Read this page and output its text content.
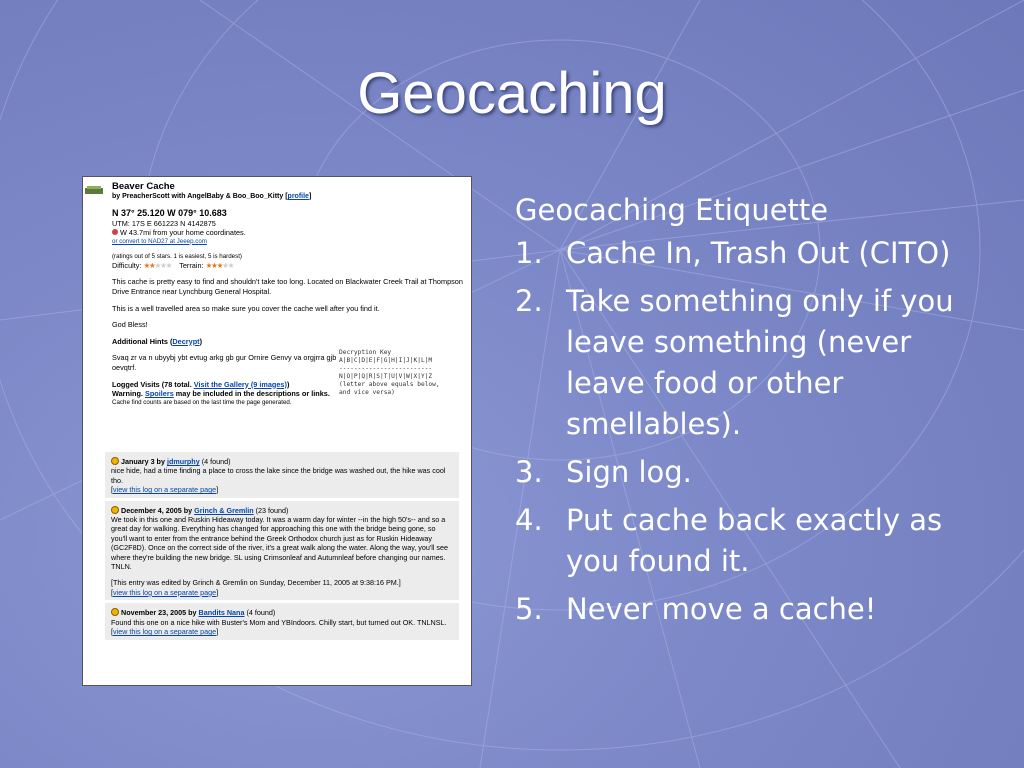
Geocaching
Beaver Cache
by PreacherScott with AngelBaby & Boo_Boo_Kitty [profile]
N 37° 25.120 W 079° 10.683
UTM: 17S E 661223 N 4142875
W 43.7mi from your home coordinates.
or convert to NAD27 at Jeeep.com
(ratings out of 5 stars. 1 is easiest, 5 is hardest)
Difficulty: ★★★★★ Terrain: ★★★★★
This cache is pretty easy to find and shouldn't take too long. Located on Blackwater Creek Trail at Thompson Drive Entrance near Lynchburg General Hospital.
This is a well travelled area so make sure you cover the cache well after you find it.
God Bless!
Additional Hints (Decrypt)
Svaq zr va n ubyybj ybt evtug arkg gb gur Ornire Genvy va orgjrra gjb oevqtrf.
Logged Visits (78 total. Visit the Gallery (9 images))
Warning. Spoilers may be included in the descriptions or links.
Cache find counts are based on the last time the page generated.
Decryption Key
A|B|C|D|E|F|G|H|I|J|K|L|M
-------------------------
N|O|P|Q|R|S|T|U|V|W|X|Y|Z
(letter above equals below,
and vice versa)
January 3 by jdmurphy (4 found)
nice hide, had a time finding a place to cross the lake since the bridge was washed out, the hike was cool tho.
[view this log on a separate page]
December 4, 2005 by Grinch & Gremlin (23 found)
We took in this one and Ruskin Hideaway today. It was a warm day for winter --in the high 50's-- and so a great day for walking. Everything has changed for approaching this one with the bridge being gone, so you'll want to enter from the entrance behind the Greek Orthodox church just as for Ruskin Hideaway (GC2F8D). Once on the correct side of the river, it's a great walk along the water. Along the way, you'll see where they're building the new bridge. SL using Crimsonleaf and Autumnleaf before changing our names. TNLN.
[This entry was edited by Grinch & Gremlin on Sunday, December 11, 2005 at 9:38:16 PM.]
[view this log on a separate page]
November 23, 2005 by Bandits Nana (4 found)
Found this one on a nice hike with Buster's Mom and YBIndoors. Chilly start, but turned out OK. TNLNSL.
[view this log on a separate page]
Geocaching Etiquette
1. Cache In, Trash Out (CITO)
2. Take something only if you leave something (never leave food or other smellables).
3. Sign log.
4. Put cache back exactly as you found it.
5. Never move a cache!
